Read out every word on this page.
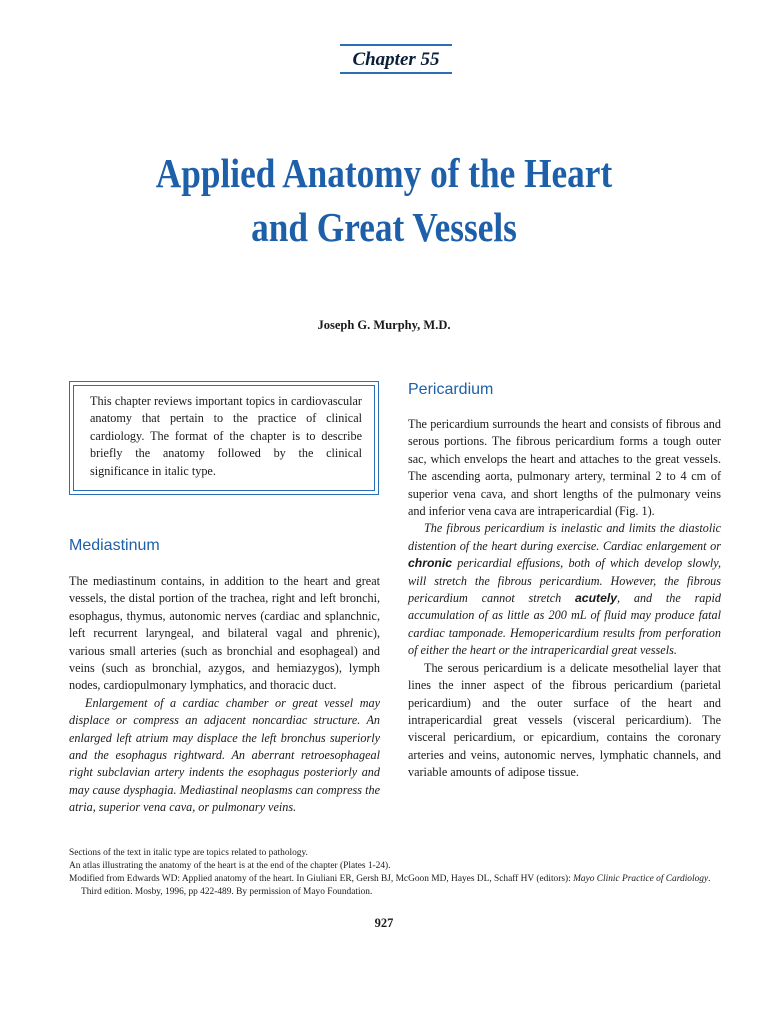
Chapter 55
Applied Anatomy of the Heart
and Great Vessels
Joseph G. Murphy, M.D.
This chapter reviews important topics in cardiovascular anatomy that pertain to the practice of clinical cardiology. The format of the chapter is to describe briefly the anatomy followed by the clinical significance in italic type.
Mediastinum

The mediastinum contains, in addition to the heart and great vessels, the distal portion of the trachea, right and left bronchi, esophagus, thymus, autonomic nerves (cardiac and splanchnic, left recurrent laryngeal, and bilateral vagal and phrenic), various small arteries (such as bronchial and esophageal) and veins (such as bronchial, azygos, and hemiazygos), lymph nodes, cardiopulmonary lymphatics, and thoracic duct.

Enlargement of a cardiac chamber or great vessel may displace or compress an adjacent noncardiac structure. An enlarged left atrium may displace the left bronchus superiorly and the esophagus rightward. An aberrant retroesophageal right subclavian artery indents the esophagus posteriorly and may cause dysphagia. Mediastinal neoplasms can compress the atria, superior vena cava, or pulmonary veins.

Pericardium

The pericardium surrounds the heart and consists of fibrous and serous portions. The fibrous pericardium forms a tough outer sac, which envelops the heart and attaches to the great vessels. The ascending aorta, pulmonary artery, terminal 2 to 4 cm of superior vena cava, and short lengths of the pulmonary veins and inferior vena cava are intrapericardial (Fig. 1).

The fibrous pericardium is inelastic and limits the diastolic distention of the heart during exercise. Cardiac enlargement or chronic pericardial effusions, both of which develop slowly, will stretch the fibrous pericardium. However, the fibrous pericardium cannot stretch acutely, and the rapid accumulation of as little as 200 mL of fluid may produce fatal cardiac tamponade. Hemopericardium results from perforation of either the heart or the intrapericardial great vessels.

The serous pericardium is a delicate mesothelial layer that lines the inner aspect of the fibrous pericardium (parietal pericardium) and the outer surface of the heart and intrapericardial great vessels (visceral pericardium). The visceral pericardium, or epicardium, contains the coronary arteries and veins, autonomic nerves, lymphatic channels, and variable amounts of adipose tissue.

Sections of the text in italic type are topics related to pathology.

An atlas illustrating the anatomy of the heart is at the end of the chapter (Plates 1-24).

Modified from Edwards WD: Applied anatomy of the heart. In Giuliani ER, Gersh BJ, McGoon MD, Hayes DL, Schaff HV (editors): Mayo Clinic Practice of Cardiology. Third edition. Mosby, 1996, pp 422-489. By permission of Mayo Foundation.

927
